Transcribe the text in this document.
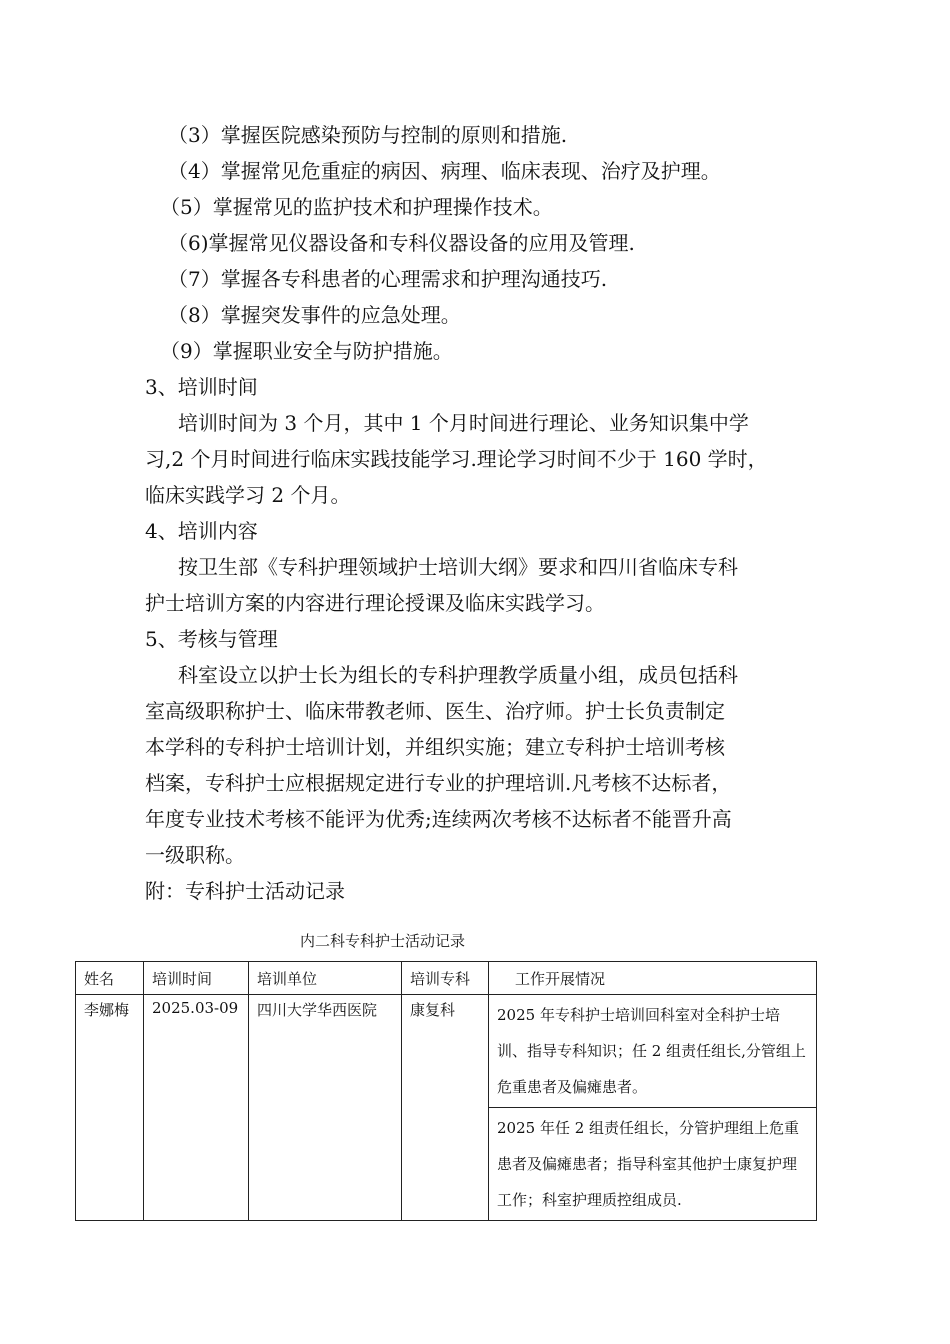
（3）掌握医院感染预防与控制的原则和措施.
（4）掌握常见危重症的病因、病理、临床表现、治疗及护理。
（5）掌握常见的监护技术和护理操作技术。
（6)掌握常见仪器设备和专科仪器设备的应用及管理.
（7）掌握各专科患者的心理需求和护理沟通技巧.
（8）掌握突发事件的应急处理。
（9）掌握职业安全与防护措施。
3、培训时间
培训时间为 3 个月，其中 1 个月时间进行理论、业务知识集中学
习,2 个月时间进行临床实践技能学习.理论学习时间不少于 160 学时，
临床实践学习 2 个月。
4、培训内容
按卫生部《专科护理领域护士培训大纲》要求和四川省临床专科
护士培训方案的内容进行理论授课及临床实践学习。
5、考核与管理
科室设立以护士长为组长的专科护理教学质量小组，成员包括科
室高级职称护士、临床带教老师、医生、治疗师。护士长负责制定
本学科的专科护士培训计划，并组织实施；建立专科护士培训考核
档案，专科护士应根据规定进行专业的护理培训.凡考核不达标者，
年度专业技术考核不能评为优秀;连续两次考核不达标者不能晋升高
一级职称。
附：专科护士活动记录
内二科专科护士活动记录
姓名	培训时间	培训单位	培训专科	工作开展情况
李娜梅	2025.03-09	四川大学华西医院	康复科	2025 年专科护士培训回科室对全科护士培训、指导专科知识；任 2 组责任组长,分管组上危重患者及偏瘫患者。
2025 年任 2 组责任组长，分管护理组上危重患者及偏瘫患者；指导科室其他护士康复护理工作；科室护理质控组成员.
